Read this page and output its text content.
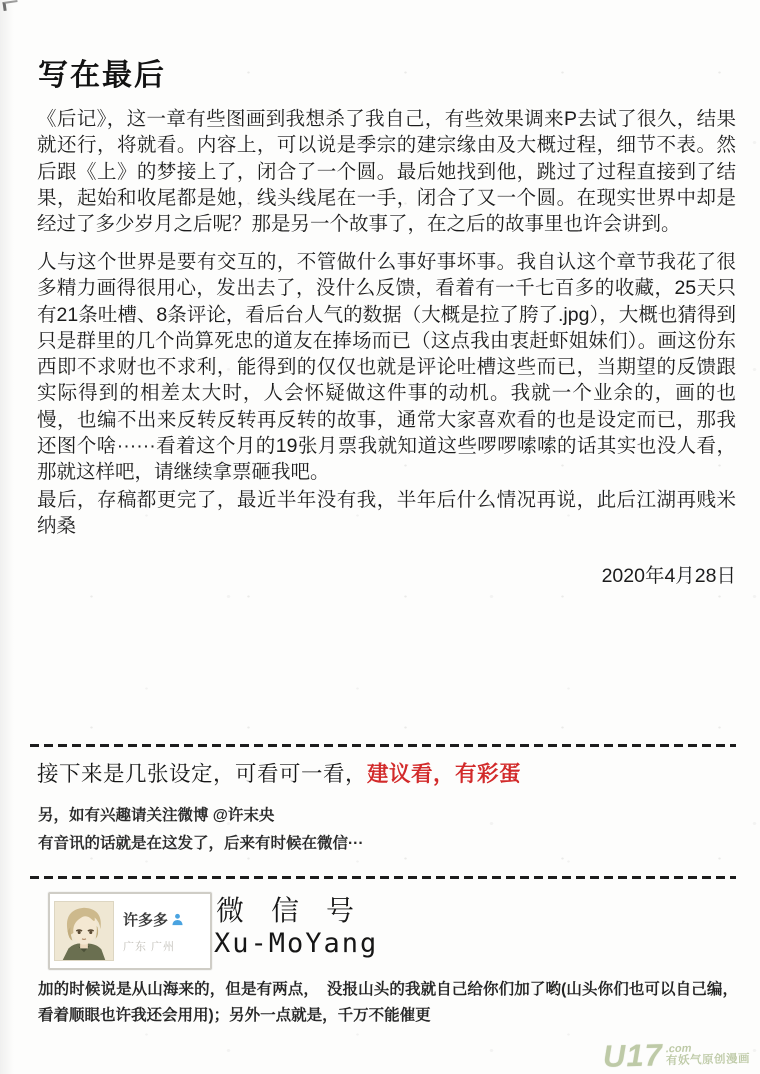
写在最后
《后记》，这一章有些图画到我想杀了我自己，有些效果调来P去试了很久，结果就还行，将就看。内容上，可以说是季宗的建宗缘由及大概过程，细节不表。然后跟《上》的梦接上了，闭合了一个圆。最后她找到他，跳过了过程直接到了结果，起始和收尾都是她，线头线尾在一手，闭合了又一个圆。在现实世界中却是经过了多少岁月之后呢？那是另一个故事了，在之后的故事里也许会讲到。
人与这个世界是要有交互的，不管做什么事好事坏事。我自认这个章节我花了很多精力画得很用心，发出去了，没什么反馈，看着有一千七百多的收藏，25天只有21条吐槽、8条评论，看后台人气的数据（大概是拉了胯了.jpg），大概也猜得到只是群里的几个尚算死忠的道友在捧场而已（这点我由衷赶虾姐妹们）。画这份东西即不求财也不求利，能得到的仅仅也就是评论吐槽这些而已，当期望的反馈跟实际得到的相差太大时，人会怀疑做这件事的动机。我就一个业余的，画的也慢，也编不出来反转反转再反转的故事，通常大家喜欢看的也是设定而已，那我还图个啥······看着这个月的19张月票我就知道这些啰啰嗦嗦的话其实也没人看，那就这样吧，请继续拿票砸我吧。
最后，存稿都更完了，最近半年没有我，半年后什么情况再说，此后江湖再贱米纳桑
2020年4月28日
接下来是几张设定，可看可一看，建议看，有彩蛋
另，如有兴趣请关注微博 @许末央
有音讯的话就是在这发了，后来有时候在微信···
许多多
广东 广州
微信号
Xu-MoYang
加的时候说是从山海来的，但是有两点，　没报山头的我就自己给你们加了哟(山头你们也可以自己编，看着顺眼也许我还会用用)；另外一点就是，千万不能催更
U17 .com
有妖气原创漫画
